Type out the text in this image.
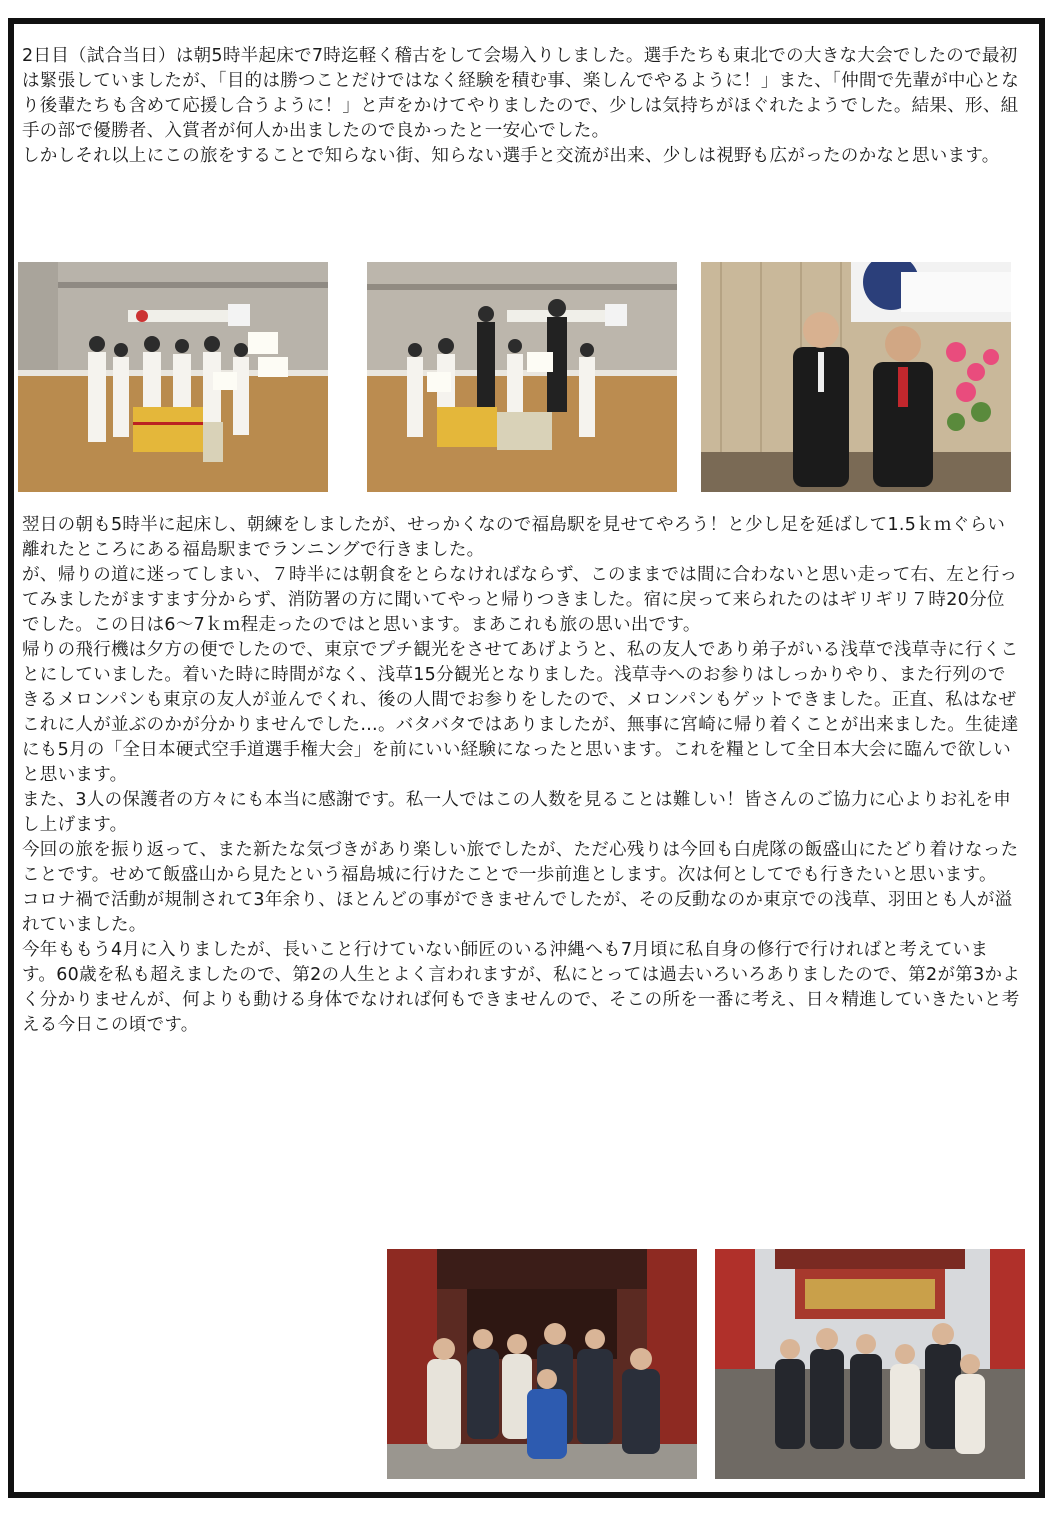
2日目（試合当日）は朝5時半起床で7時迄軽く稽古をして会場入りしました。選手たちも東北での大きな大会でしたので最初は緊張していましたが、「目的は勝つことだけではなく経験を積む事、楽しんでやるように！」また、「仲間で先輩が中心となり後輩たちも含めて応援し合うように！」と声をかけてやりましたので、少しは気持ちがほぐれたようでした。結果、形、組手の部で優勝者、入賞者が何人か出ましたので良かったと一安心でした。

しかしそれ以上にこの旅をすることで知らない街、知らない選手と交流が出来、少しは視野も広がったのかなと思います。

翌日の朝も5時半に起床し、朝練をしましたが、せっかくなので福島駅を見せてやろう！と少し足を延ばして1.5ｋｍぐらい離れたところにある福島駅までランニングで行きました。

が、帰りの道に迷ってしまい、７時半には朝食をとらなければならず、このままでは間に合わないと思い走って右、左と行ってみましたがますます分からず、消防署の方に聞いてやっと帰りつきました。宿に戻って来られたのはギリギリ７時20分位でした。この日は6～7ｋｍ程走ったのではと思います。まあこれも旅の思い出です。

帰りの飛行機は夕方の便でしたので、東京でプチ観光をさせてあげようと、私の友人であり弟子がいる浅草で浅草寺に行くことにしていました。着いた時に時間がなく、浅草15分観光となりました。浅草寺へのお参りはしっかりやり、また行列のできるメロンパンも東京の友人が並んでくれ、後の人間でお参りをしたので、メロンパンもゲットできました。正直、私はなぜこれに人が並ぶのかが分かりませんでした…。バタバタではありましたが、無事に宮崎に帰り着くことが出来ました。生徒達にも5月の「全日本硬式空手道選手権大会」を前にいい経験になったと思います。これを糧として全日本大会に臨んで欲しいと思います。

また、3人の保護者の方々にも本当に感謝です。私一人ではこの人数を見ることは難しい！皆さんのご協力に心よりお礼を申し上げます。

今回の旅を振り返って、また新たな気づきがあり楽しい旅でしたが、ただ心残りは今回も白虎隊の飯盛山にたどり着けなったことです。せめて飯盛山から見たという福島城に行けたことで一歩前進とします。次は何としてでも行きたいと思います。

コロナ禍で活動が規制されて3年余り、ほとんどの事ができませんでしたが、その反動なのか東京での浅草、羽田とも人が溢れていました。

今年ももう4月に入りましたが、長いこと行けていない師匠のいる沖縄へも7月頃に私自身の修行で行ければと考えています。60歳を私も超えましたので、第2の人生とよく言われますが、私にとっては過去いろいろありましたので、第2が第3かよく分かりませんが、何よりも動ける身体でなければ何もできませんので、そこの所を一番に考え、日々精進していきたいと考える今日この頃です。
